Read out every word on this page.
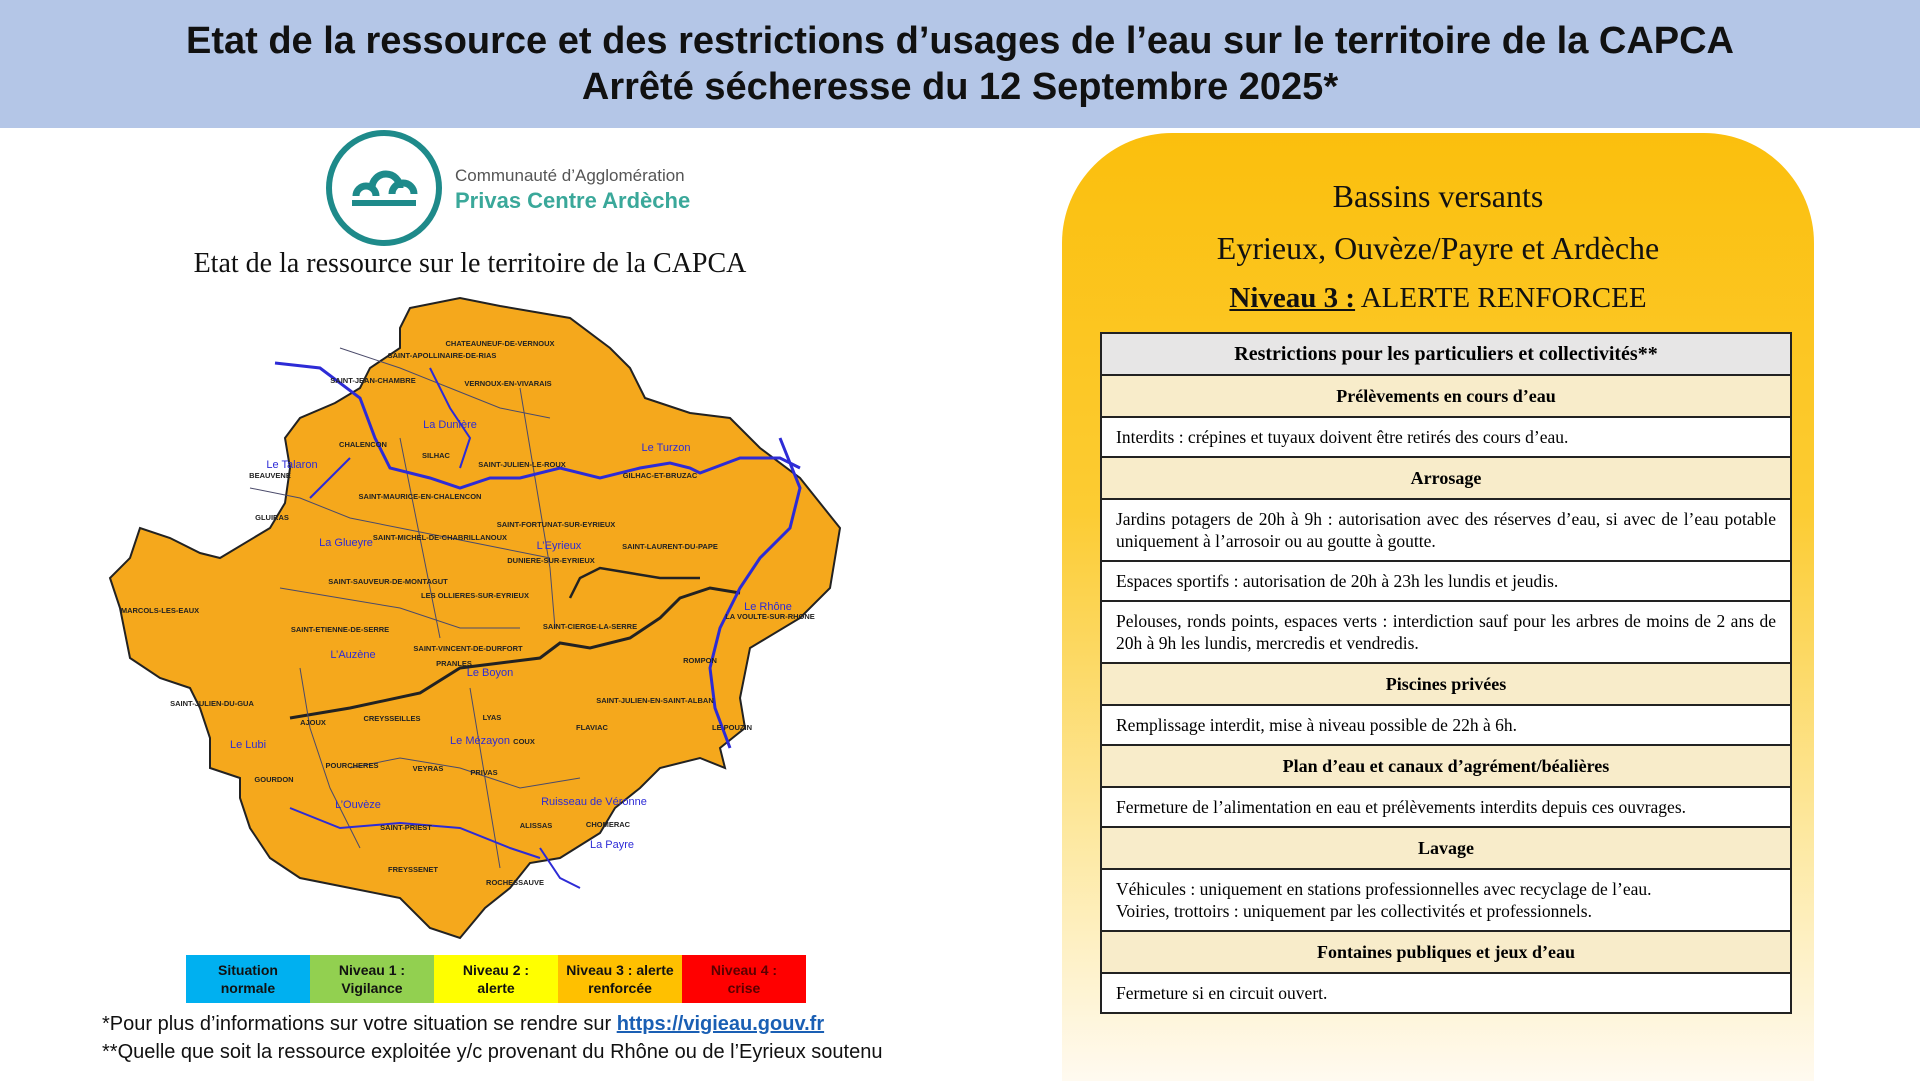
Etat de la ressource et des restrictions d’usages de l’eau sur le territoire de la CAPCA
Arrêté sécheresse du 12 Septembre 2025*
Communauté d’Agglomération
Privas Centre Ardèche
Etat de la ressource sur le territoire de la CAPCA
CHATEAUNEUF-DE-VERNOUX
SAINT-APOLLINAIRE-DE-RIAS
SAINT-JEAN-CHAMBRE	VERNOUX-EN-VIVARAIS
CHALENCON
SILHAC
SAINT-JULIEN-LE-ROUX
GILHAC-ET-BRUZAC
BEAUVENE
SAINT-MAURICE-EN-CHALENCON
SAINT-FORTUNAT-SUR-EYRIEUX
GLUIRAS
SAINT-MICHEL-DE-CHABRILLANOUX
SAINT-LAURENT-DU-PAPE
DUNIERE-SUR-EYRIEUX
SAINT-SAUVEUR-DE-MONTAGUT
LES OLLIERES-SUR-EYRIEUX
MARCOLS-LES-EAUX
SAINT-CIERGE-LA-SERRE
LA VOULTE-SUR-RHONE
SAINT-ETIENNE-DE-SERRE
SAINT-VINCENT-DE-DURFORT
ROMPON
PRANLES
SAINT-JULIEN-DU-GUA	SAINT-JULIEN-EN-SAINT-ALBAN
AJOUX	CREYSSEILLES	LYAS
FLAVIAC	LE POUZIN
COUX
POURCHERES	VEYRAS	PRIVAS
GOURDON
ALISSAS	CHOMERAC
SAINT-PRIEST
FREYSSENET
ROCHESSAUVE
Le Talaron
La Dunière
Le Turzon
La Glueyre	L’Eyrieux
Le Rhône
L’Auzène
Le Boyon
Le Mézayon
Le Lubi
L’Ouvèze	Ruisseau de Véronne
La Payre
Situation
normale
Niveau 1 :
Vigilance
Niveau 2 :
alerte
Niveau 3 : alerte
renforcée
Niveau 4 :
crise
*Pour plus d’informations sur votre situation se rendre sur https://vigieau.gouv.fr
**Quelle que soit la ressource exploitée y/c provenant du Rhône ou de l’Eyrieux soutenu
Bassins versants
Eyrieux, Ouvèze/Payre et Ardèche
Niveau 3 : ALERTE RENFORCEE
Restrictions pour les particuliers et collectivités**
Prélèvements en cours d’eau
Interdits : crépines et tuyaux doivent être retirés des cours d’eau.
Arrosage
Jardins potagers de 20h à 9h : autorisation avec des réserves d’eau, si avec de l’eau potable uniquement à l’arrosoir ou au goutte à goutte.
Espaces sportifs : autorisation de 20h à 23h les lundis et jeudis.
Pelouses, ronds points, espaces verts : interdiction sauf pour les arbres de moins de 2 ans de 20h à 9h les lundis, mercredis et vendredis.
Piscines privées
Remplissage interdit, mise à niveau possible de 22h à 6h.
Plan d’eau et canaux d’agrément/béalières
Fermeture de l’alimentation en eau et prélèvements interdits depuis ces ouvrages.
Lavage
Véhicules : uniquement en stations professionnelles avec recyclage de l’eau.
Voiries, trottoirs : uniquement par les collectivités et professionnels.
Fontaines publiques et jeux d’eau
Fermeture si en circuit ouvert.
